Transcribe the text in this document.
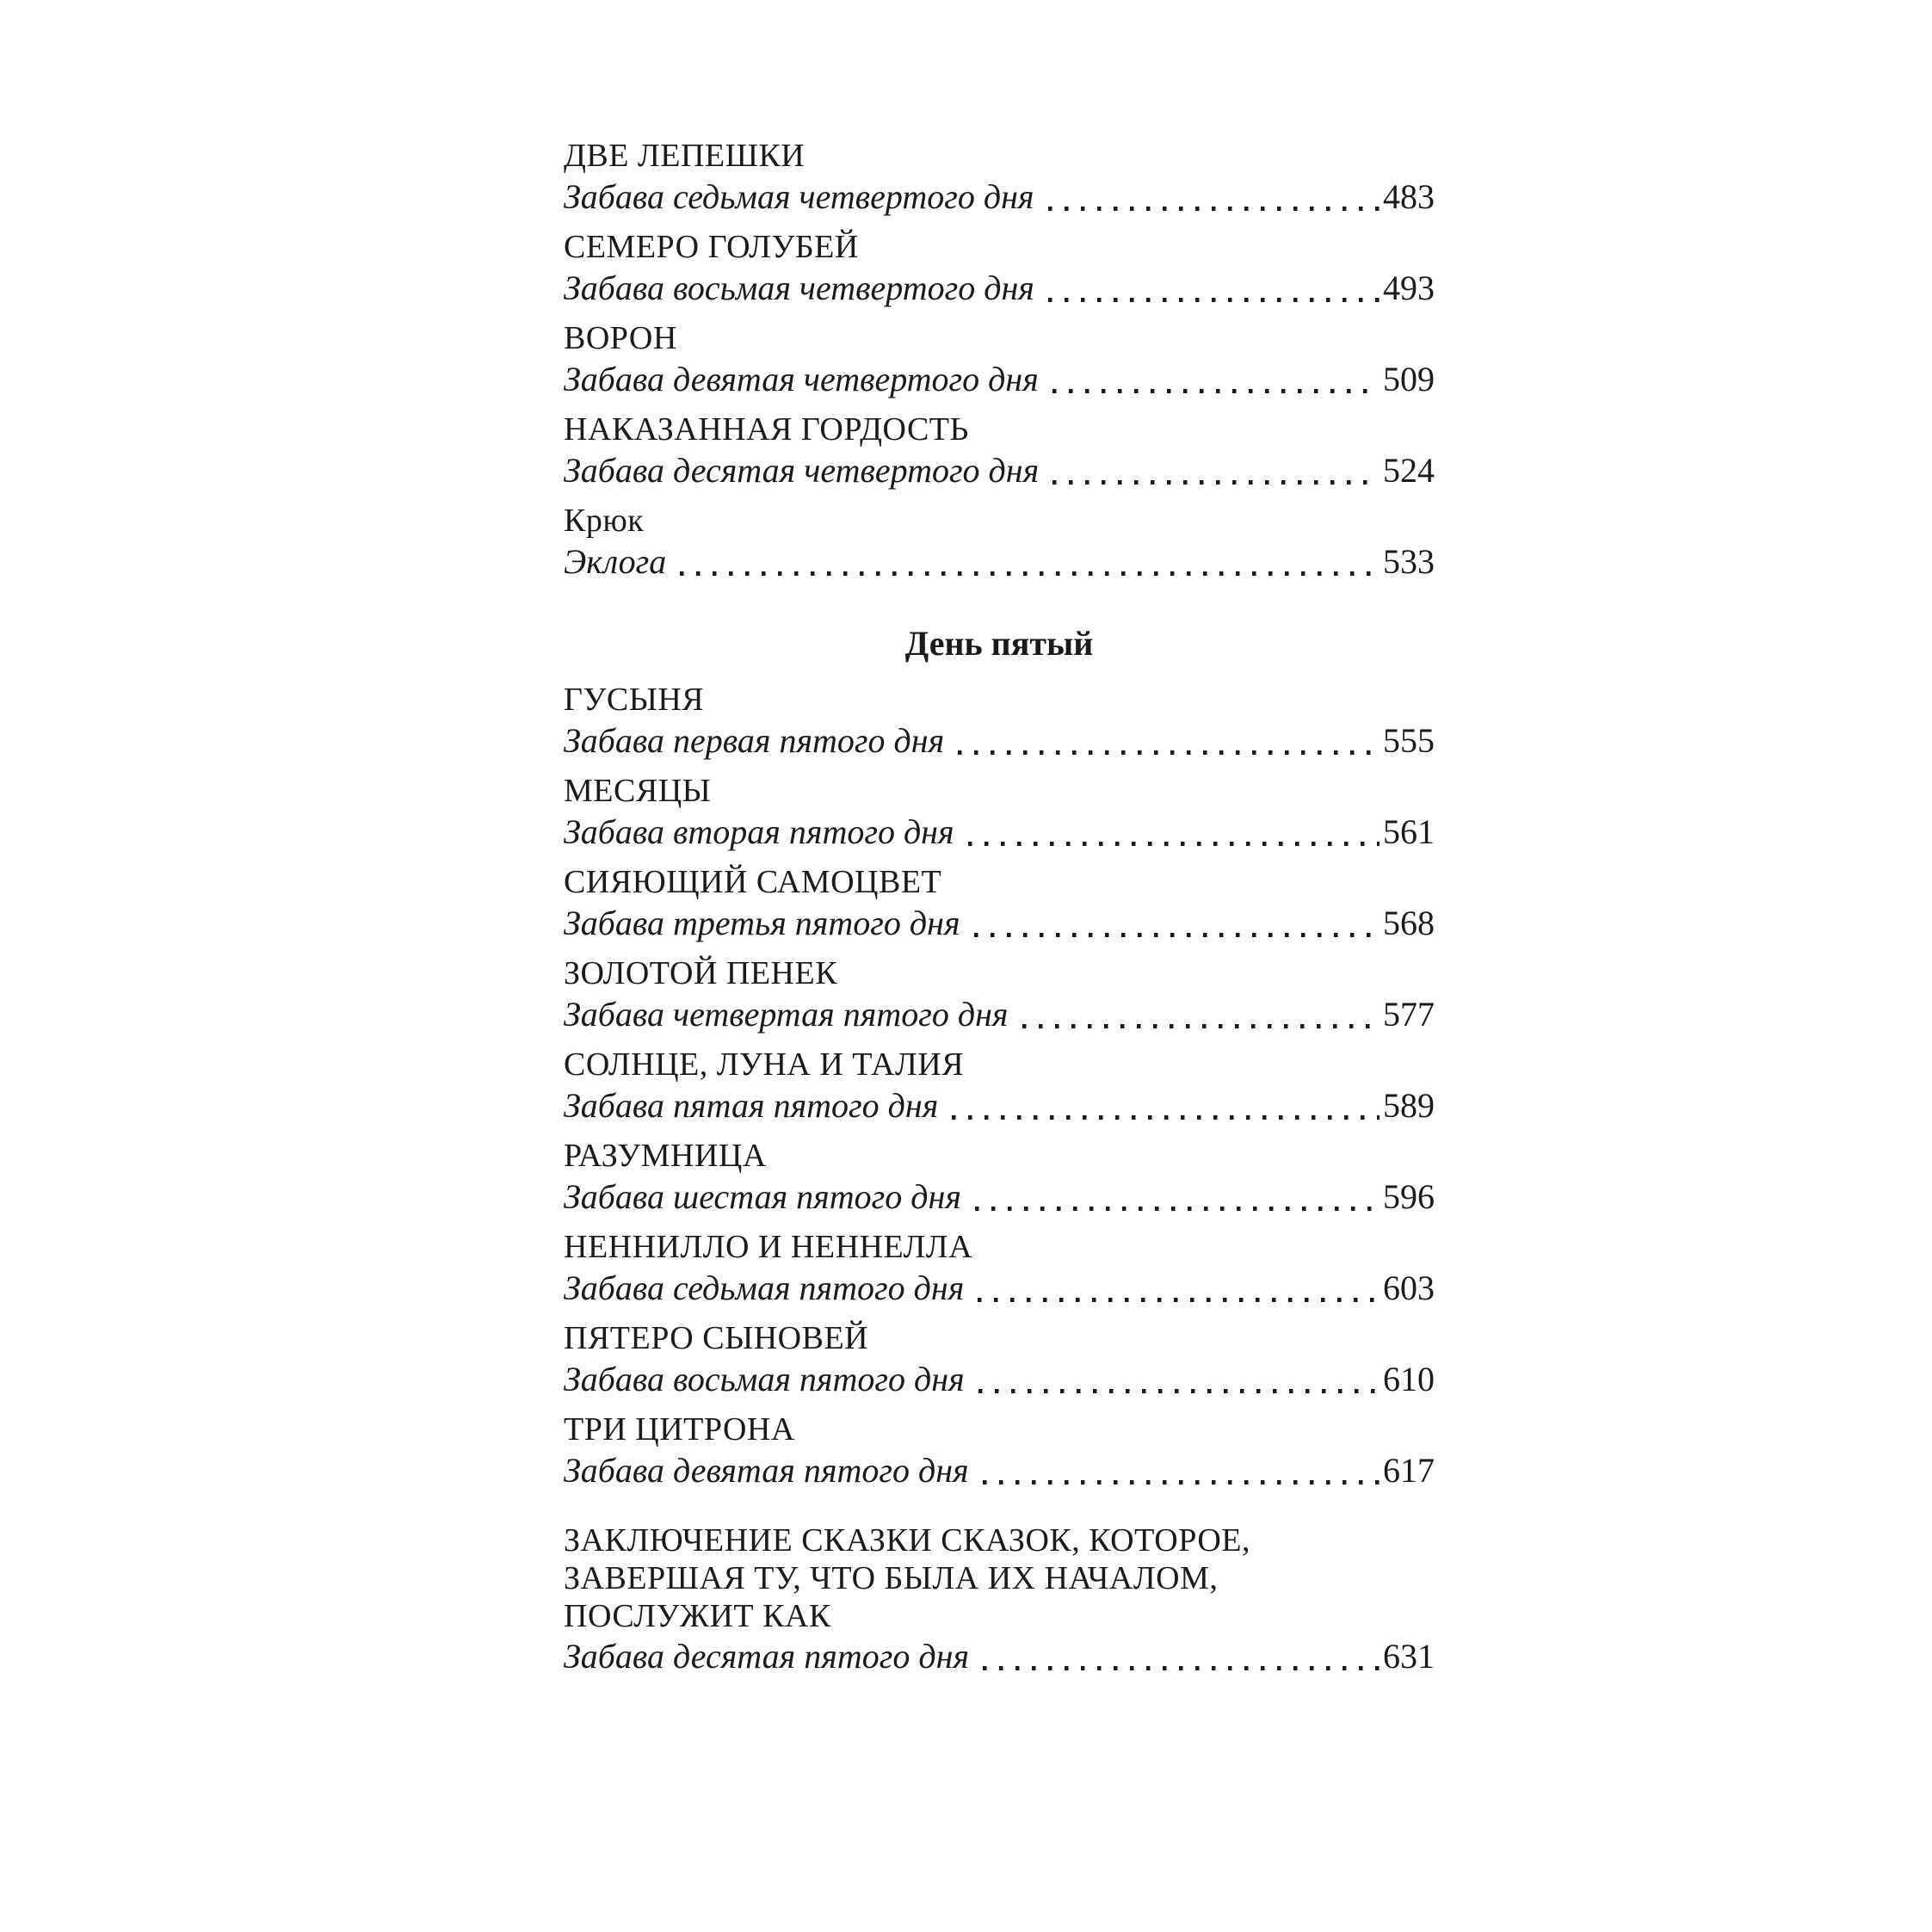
ДВЕ ЛЕПЕШКИ
Забава седьмая четвертого дня	483
СЕМЕРО ГОЛУБЕЙ
Забава восьмая четвертого дня	493
ВОРОН
Забава девятая четвертого дня	509
НАКАЗАННАЯ ГОРДОСТЬ
Забава десятая четвертого дня	524
Крюк
Эклога	533
День пятый
ГУСЫНЯ
Забава первая пятого дня	555
МЕСЯЦЫ
Забава вторая пятого дня	561
СИЯЮЩИЙ САМОЦВЕТ
Забава третья пятого дня	568
ЗОЛОТОЙ ПЕНЕК
Забава четвертая пятого дня	577
СОЛНЦЕ, ЛУНА И ТАЛИЯ
Забава пятая пятого дня	589
РАЗУМНИЦА
Забава шестая пятого дня	596
НЕННИЛЛО И НЕННЕЛЛА
Забава седьмая пятого дня	603
ПЯТЕРО СЫНОВЕЙ
Забава восьмая пятого дня	610
ТРИ ЦИТРОНА
Забава девятая пятого дня	617
ЗАКЛЮЧЕНИЕ СКАЗКИ СКАЗОК, КОТОРОЕ,
ЗАВЕРШАЯ ТУ, ЧТО БЫЛА ИХ НАЧАЛОМ,
ПОСЛУЖИТ КАК
Забава десятая пятого дня	631
